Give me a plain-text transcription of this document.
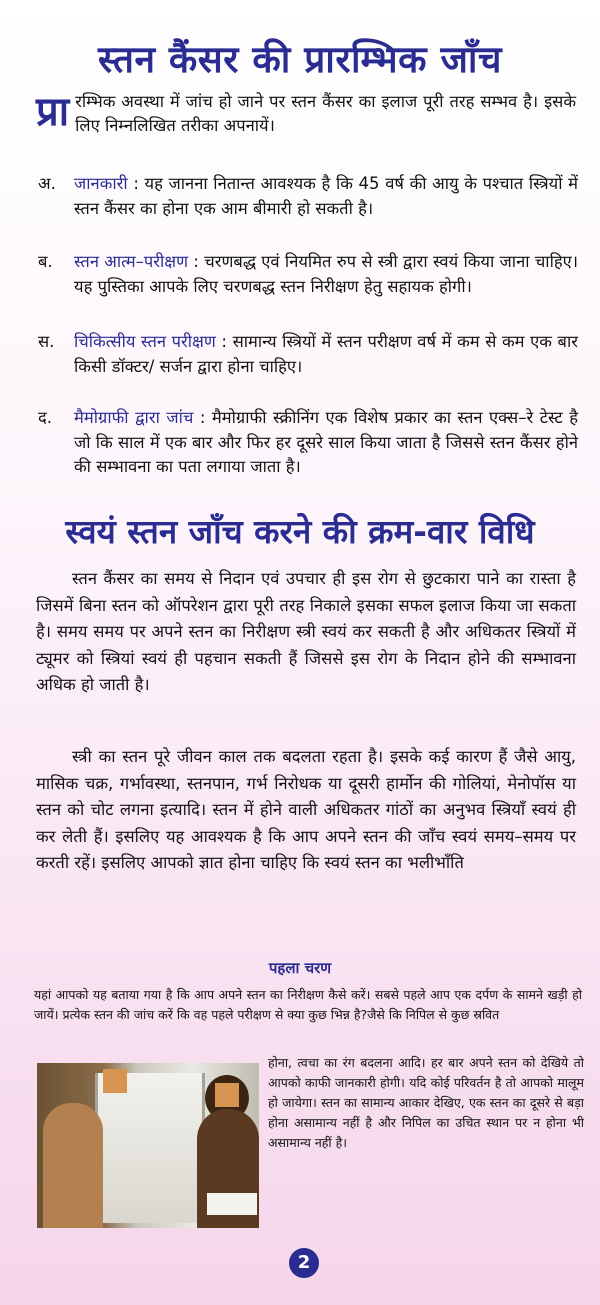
स्तन कैंसर की प्रारम्भिक जाँच

प्रा रम्भिक अवस्था में जांच हो जाने पर स्तन कैंसर का इलाज पूरी तरह सम्भव है। इसके लिए निम्नलिखित तरीका अपनायें।

अ.	जानकारी : यह जानना नितान्त आवश्यक है कि 45 वर्ष की आयु के पश्चात स्त्रियों में स्तन कैंसर का होना एक आम बीमारी हो सकती है।
ब.	स्तन आत्म–परीक्षण : चरणबद्ध एवं नियमित रुप से स्त्री द्वारा स्वयं किया जाना चाहिए। यह पुस्तिका आपके लिए चरणबद्ध स्तन निरीक्षण हेतु सहायक होगी।
स.	चिकित्सीय स्तन परीक्षण : सामान्य स्त्रियों में स्तन परीक्षण वर्ष में कम से कम एक बार किसी डॉक्टर/ सर्जन द्वारा होना चाहिए।
द.	मैमोग्राफी द्वारा जांच : मैमोग्राफी स्क्रीनिंग एक विशेष प्रकार का स्तन एक्स–रे टेस्ट है जो कि साल में एक बार और फिर हर दूसरे साल किया जाता है जिससे स्तन कैंसर होने की सम्भावना का पता लगाया जाता है।
स्वयं स्तन जाँच करने की क्रम-वार विधि

स्तन कैंसर का समय से निदान एवं उपचार ही इस रोग से छुटकारा पाने का रास्ता है जिसमें बिना स्तन को ऑपरेशन द्वारा पूरी तरह निकाले इसका सफल इलाज किया जा सकता है। समय समय पर अपने स्तन का निरीक्षण स्त्री स्वयं कर सकती है और अधिकतर स्त्रियों में ट्यूमर को स्त्रियां स्वयं ही पहचान सकती हैं जिससे इस रोग के निदान होने की सम्भावना अधिक हो जाती है।

स्त्री का स्तन पूरे जीवन काल तक बदलता रहता है। इसके कई कारण हैं जैसे आयु, मासिक चक्र, गर्भावस्था, स्तनपान, गर्भ निरोधक या दूसरी हार्मोन की गोलियां, मेनोपॉस या स्तन को चोट लगना इत्यादि। स्तन में होने वाली अधिकतर गांठों का अनुभव स्त्रियाँ स्वयं ही कर लेती हैं। इसलिए यह आवश्यक है कि आप अपने स्तन की जाँच स्वयं समय–समय पर करती रहें। इसलिए आपको ज्ञात होना चाहिए कि स्वयं स्तन का भलीभाँति

पहला चरण

यहां आपको यह बताया गया है कि आप अपने स्तन का निरीक्षण कैसे करें। सबसे पहले आप एक दर्पण के सामने खड़ी हो जायें। प्रत्येक स्तन की जांच करें कि वह पहले परीक्षण से क्या कुछ भिन्न है?जैसे कि निपिल से कुछ स्रवित

होना, त्वचा का रंग बदलना आदि। हर बार अपने स्तन को देखिये तो आपको काफी जानकारी होगी। यदि कोई परिवर्तन है तो आपको मालूम हो जायेगा। स्तन का सामान्य आकार देखिए, एक स्तन का दूसरे से बड़ा होना असामान्य नहीं है और निपिल का उचित स्थान पर न होना भी असामान्य नहीं है।

2
